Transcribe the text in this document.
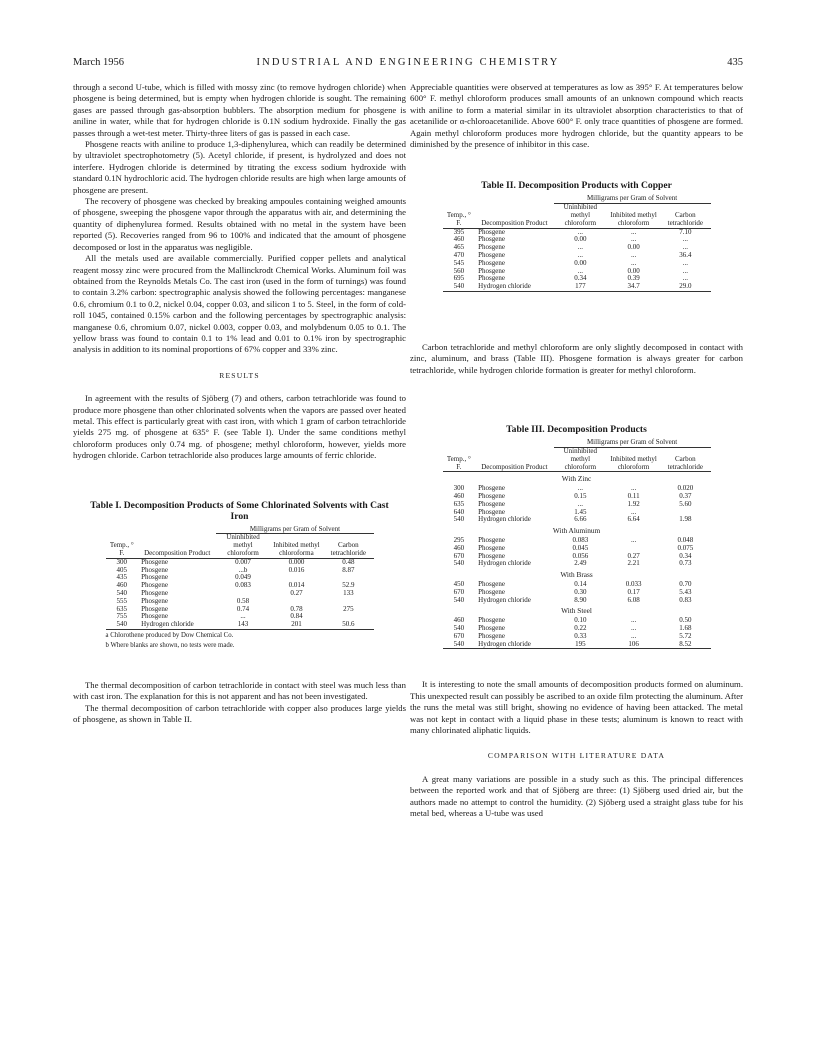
March 1956	INDUSTRIAL AND ENGINEERING CHEMISTRY	435

through a second U-tube, which is filled with mossy zinc (to remove hydrogen chloride) when phosgene is being determined, but is empty when hydrogen chloride is sought. The remaining gases are passed through gas-absorption bubblers. The absorption medium for phosgene is aniline in water, while that for hydrogen chloride is 0.1N sodium hydroxide. Finally the gas passes through a wet-test meter. Thirty-three liters of gas is passed in each case.

Phosgene reacts with aniline to produce 1,3-diphenylurea, which can readily be determined by ultraviolet spectrophotometry (5). Acetyl chloride, if present, is hydrolyzed and does not interfere. Hydrogen chloride is determined by titrating the excess sodium hydroxide with standard 0.1N hydrochloric acid. The hydrogen chloride results are high when large amounts of phosgene are present.

The recovery of phosgene was checked by breaking ampoules containing weighed amounts of phosgene, sweeping the phosgene vapor through the apparatus with air, and determining the quantity of diphenylurea formed. Results obtained with no metal in the system have been reported (5). Recoveries ranged from 96 to 100% and indicated that the amount of phosgene decomposed or lost in the apparatus was negligible.

All the metals used are available commercially. Purified copper pellets and analytical reagent mossy zinc were procured from the Mallinckrodt Chemical Works. Aluminum foil was obtained from the Reynolds Metals Co. The cast iron (used in the form of turnings) was found to contain 3.2% carbon: spectrographic analysis showed the following percentages: manganese 0.6, chromium 0.1 to 0.2, nickel 0.04, copper 0.03, and silicon 1 to 5. Steel, in the form of cold-roll 1045, contained 0.15% carbon and the following percentages by spectrographic analysis: manganese 0.6, chromium 0.07, nickel 0.003, copper 0.03, and molybdenum 0.05 to 0.1. The yellow brass was found to contain 0.1 to 1% lead and 0.01 to 0.1% iron by spectrographic analysis in addition to its nominal proportions of 67% copper and 33% zinc.

RESULTS

In agreement with the results of Sjöberg (7) and others, carbon tetrachloride was found to produce more phosgene than other chlorinated solvents when the vapors are passed over heated metal. This effect is particularly great with cast iron, with which 1 gram of carbon tetrachloride yields 275 mg. of phosgene at 635° F. (see Table I). Under the same conditions methyl chloroform produces only 0.74 mg. of phosgene; methyl chloroform, however, yields more hydrogen chloride. Carbon tetrachloride also produces large amounts of ferric chloride.

Table I. Decomposition Products of Some Chlorinated Solvents with Cast Iron
		Milligrams per Gram of Solvent		
Temp., ° F.	Decomposition Product	Uninhibited methyl chloroform	Inhibited methyl chloroforma	Carbon tetrachloride
300	Phosgene	0.007	0.000	0.48
405	Phosgene	...b	0.016	8.87
435	Phosgene	0.049		
460	Phosgene	0.083	0.014	52.9
540	Phosgene		0.27	133
555	Phosgene	0.58		
635	Phosgene	0.74	0.78	275
755	Phosgene	...	0.84	
540	Hydrogen chloride	143	201	50.6
a Chlorothene produced by Dow Chemical Co.
b Where blanks are shown, no tests were made.

The thermal decomposition of carbon tetrachloride in contact with steel was much less than with cast iron. The explanation for this is not apparent and has not been investigated.

The thermal decomposition of carbon tetrachloride with copper also produces large yields of phosgene, as shown in Table II.

Appreciable quantities were observed at temperatures as low as 395° F. At temperatures below 600° F. methyl chloroform produces small amounts of an unknown compound which reacts with aniline to form a material similar in its ultraviolet absorption characteristics to that of acetanilide or α-chloroacetanilide. Above 600° F. only trace quantities of phosgene are formed. Again methyl chloroform produces more hydrogen chloride, but the quantity appears to be diminished by the presence of inhibitor in this case.

Table II. Decomposition Products with Copper
		Milligrams per Gram of Solvent		
Temp., ° F.	Decomposition Product	Uninhibited methyl chloroform	Inhibited methyl chloroform	Carbon tetrachloride
395	Phosgene	...	...	7.10
460	Phosgene	0.00	...	...
465	Phosgene	...	0.00	...
470	Phosgene	...	...	36.4
545	Phosgene	0.00	...	...
560	Phosgene	...	0.00	...
695	Phosgene	0.34	0.39	...
540	Hydrogen chloride	177	34.7	29.0

Carbon tetrachloride and methyl chloroform are only slightly decomposed in contact with zinc, aluminum, and brass (Table III). Phosgene formation is always greater for carbon tetrachloride, while hydrogen chloride formation is greater for methyl chloroform.

Table III. Decomposition Products
		Milligrams per Gram of Solvent		
Temp., ° F.	Decomposition Product	Uninhibited methyl chloroform	Inhibited methyl chloroform	Carbon tetrachloride
With Zinc				
300	Phosgene	...	...	0.020
460	Phosgene	0.15	0.11	0.37
635	Phosgene	...	1.92	5.60
640	Phosgene	1.45	...	
540	Hydrogen chloride	6.66	6.64	1.98
With Aluminum				
295	Phosgene	0.083	...	0.048
460	Phosgene	0.045		0.075
670	Phosgene	0.056	0.27	0.34
540	Hydrogen chloride	2.49	2.21	0.73
With Brass				
450	Phosgene	0.14	0.033	0.70
670	Phosgene	0.30	0.17	5.43
540	Hydrogen chloride	8.90	6.08	0.83
With Steel				
460	Phosgene	0.10	...	0.50
540	Phosgene	0.22	...	1.68
670	Phosgene	0.33	...	5.72
540	Hydrogen chloride	195	106	8.52

It is interesting to note the small amounts of decomposition products formed on aluminum. This unexpected result can possibly be ascribed to an oxide film protecting the aluminum. After the runs the metal was still bright, showing no evidence of having been attacked. The metal was not kept in contact with a liquid phase in these tests; aluminum is known to react with many chlorinated aliphatic liquids.

COMPARISON WITH LITERATURE DATA

A great many variations are possible in a study such as this. The principal differences between the reported work and that of Sjöberg are three: (1) Sjöberg used dried air, but the authors made no attempt to control the humidity. (2) Sjöberg used a straight glass tube for his metal bed, whereas a U-tube was used
